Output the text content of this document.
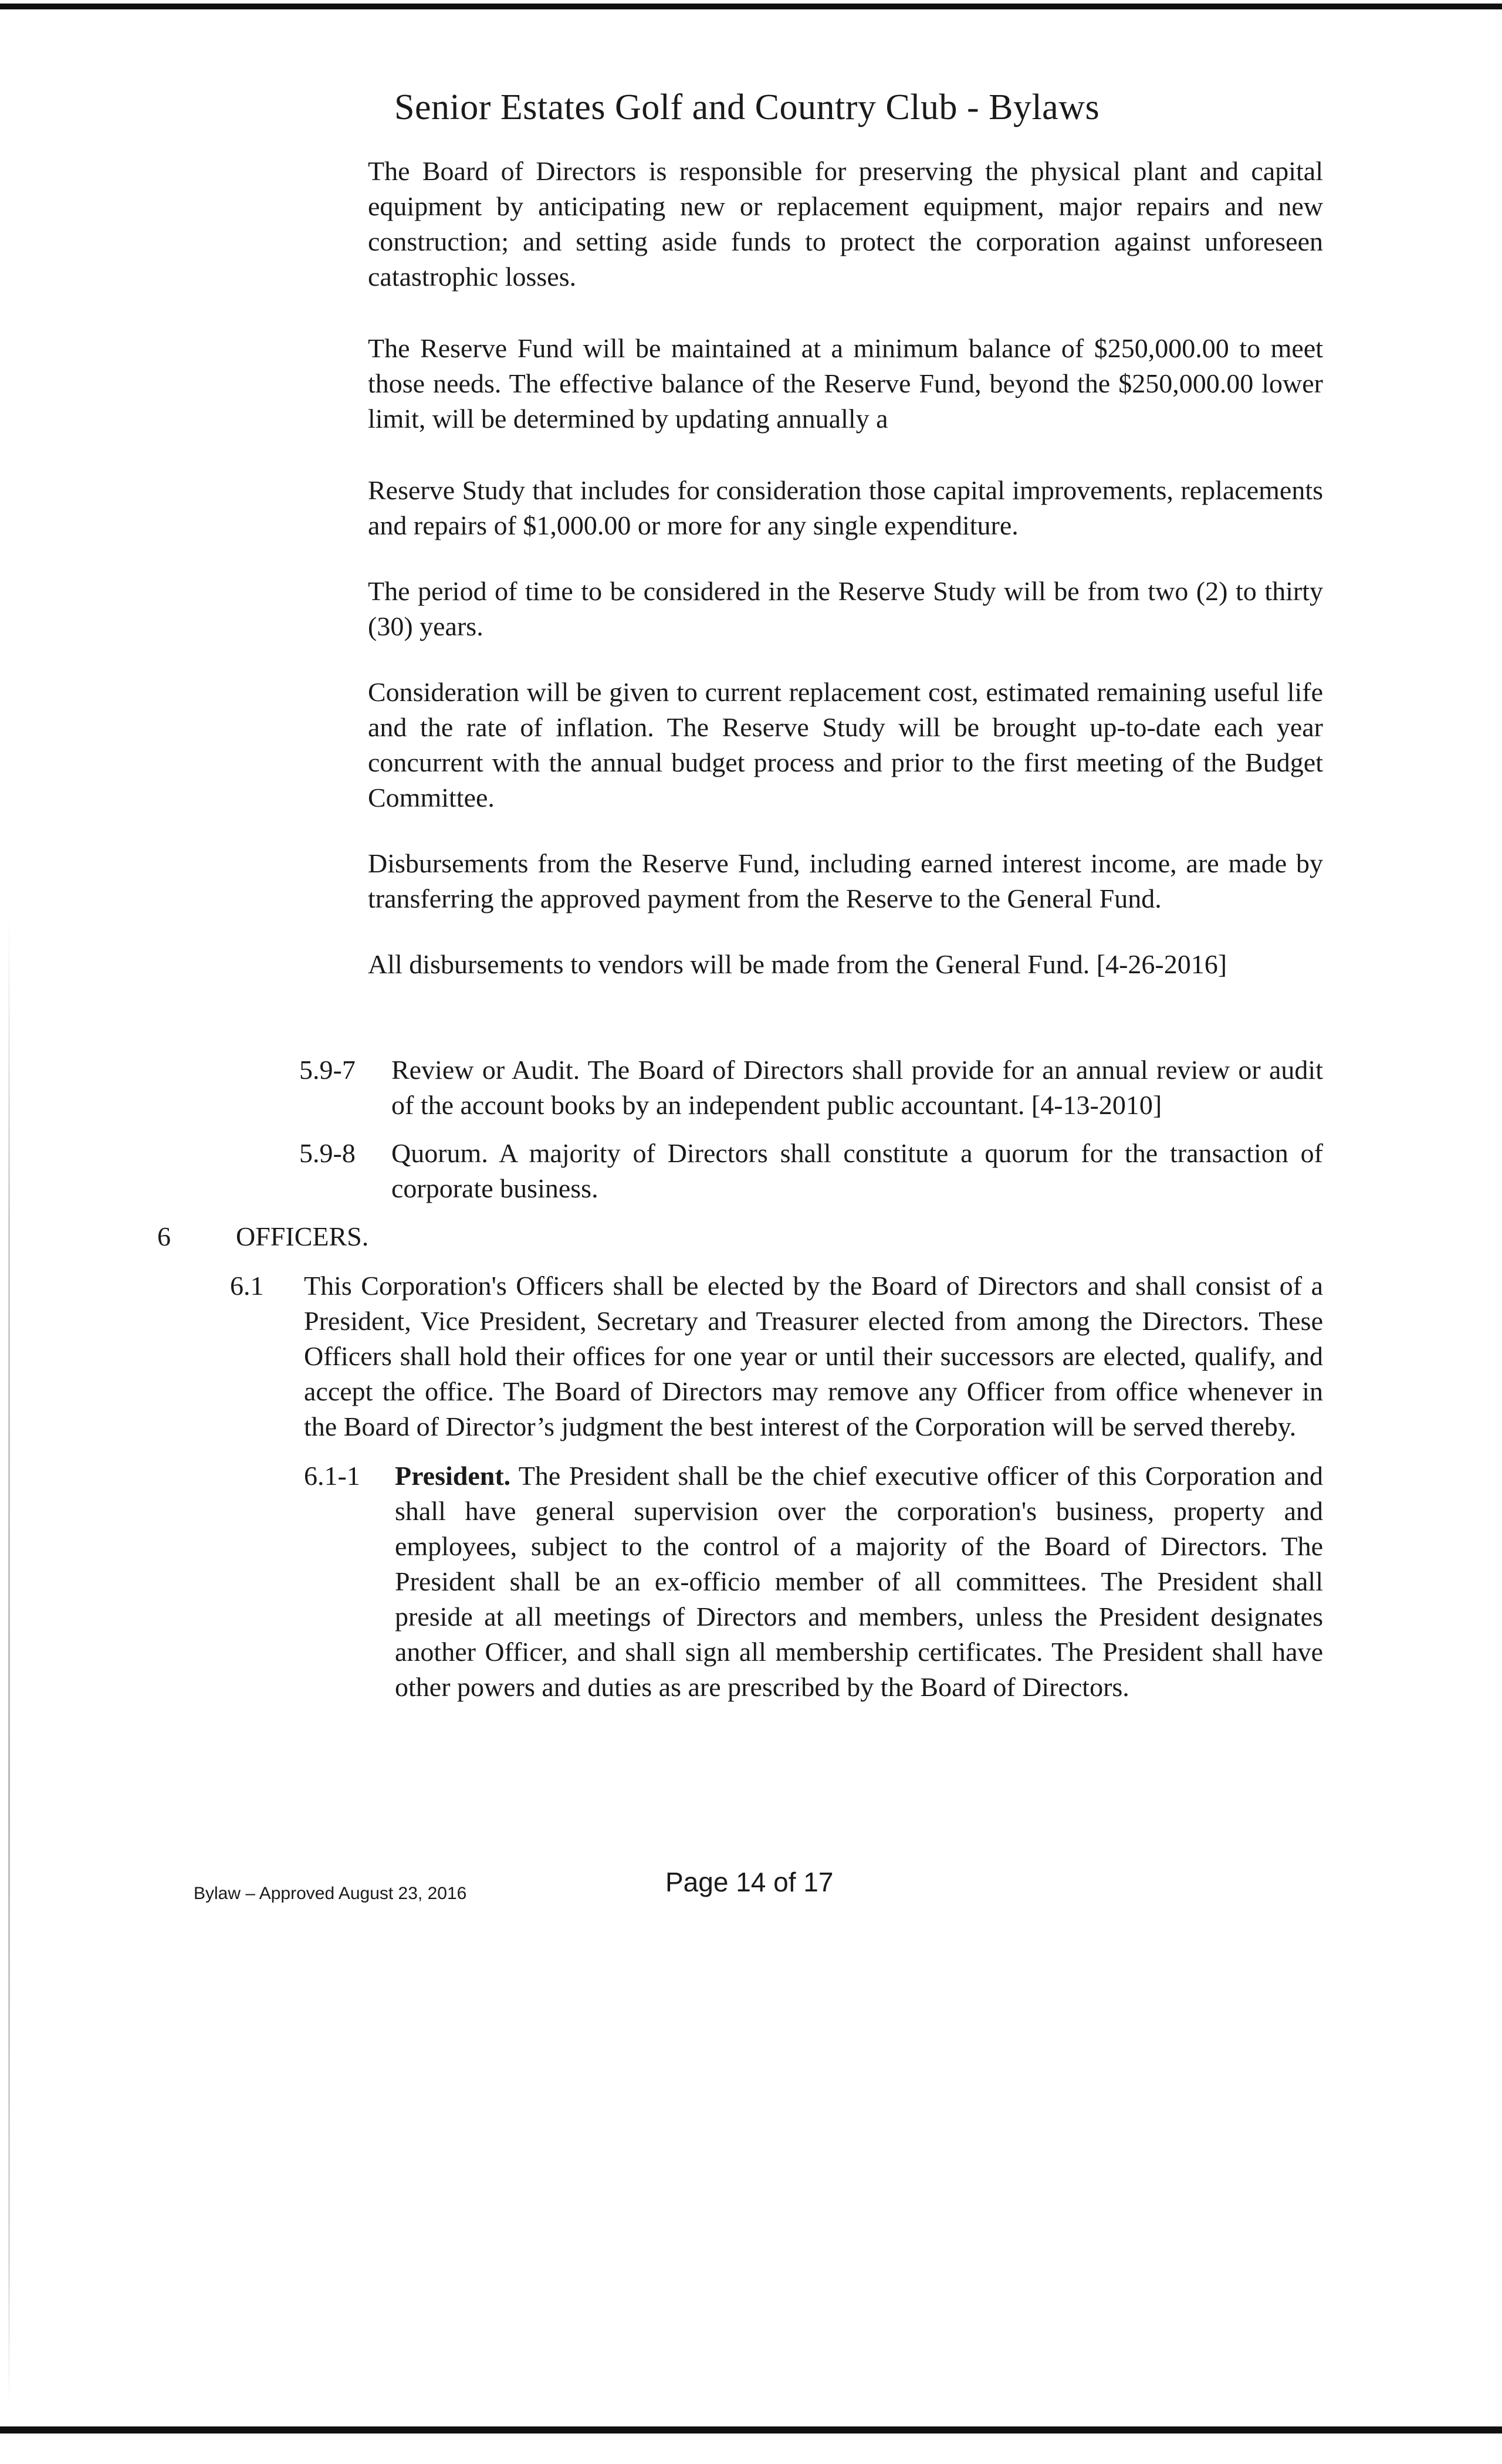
Senior Estates Golf and Country Club - Bylaws

The Board of Directors is responsible for preserving the physical plant and capital equipment by anticipating new or replacement equipment, major repairs and new construction; and setting aside funds to protect the corporation against unforeseen catastrophic losses.

The Reserve Fund will be maintained at a minimum balance of $250,000.00 to meet those needs. The effective balance of the Reserve Fund, beyond the $250,000.00 lower limit, will be determined by updating annually a

Reserve Study that includes for consideration those capital improvements, replacements and repairs of $1,000.00 or more for any single expenditure.

The period of time to be considered in the Reserve Study will be from two (2) to thirty (30) years.

Consideration will be given to current replacement cost, estimated remaining useful life and the rate of inflation. The Reserve Study will be brought up-to-date each year concurrent with the annual budget process and prior to the first meeting of the Budget Committee.

Disbursements from the Reserve Fund, including earned interest income, are made by transferring the approved payment from the Reserve to the General Fund.

All disbursements to vendors will be made from the General Fund. [4-26-2016]

5.9-7	Review or Audit. The Board of Directors shall provide for an annual review or audit of the account books by an independent public accountant. [4-13-2010]

5.9-8	Quorum. A majority of Directors shall constitute a quorum for the transaction of corporate business.

6	OFFICERS.
6.1	This Corporation's Officers shall be elected by the Board of Directors and shall consist of a President, Vice President, Secretary and Treasurer elected from among the Directors. These Officers shall hold their offices for one year or until their successors are elected, qualify, and accept the office. The Board of Directors may remove any Officer from office whenever in the Board of Director’s judgment the best interest of the Corporation will be served thereby.

6.1-1	President. The President shall be the chief executive officer of this Corporation and shall have general supervision over the corporation's business, property and employees, subject to the control of a majority of the Board of Directors. The President shall be an ex-officio member of all committees. The President shall preside at all meetings of Directors and members, unless the President designates another Officer, and shall sign all membership certificates. The President shall have other powers and duties as are prescribed by the Board of Directors.

Bylaw – Approved August 23, 2016	Page 14 of 17
